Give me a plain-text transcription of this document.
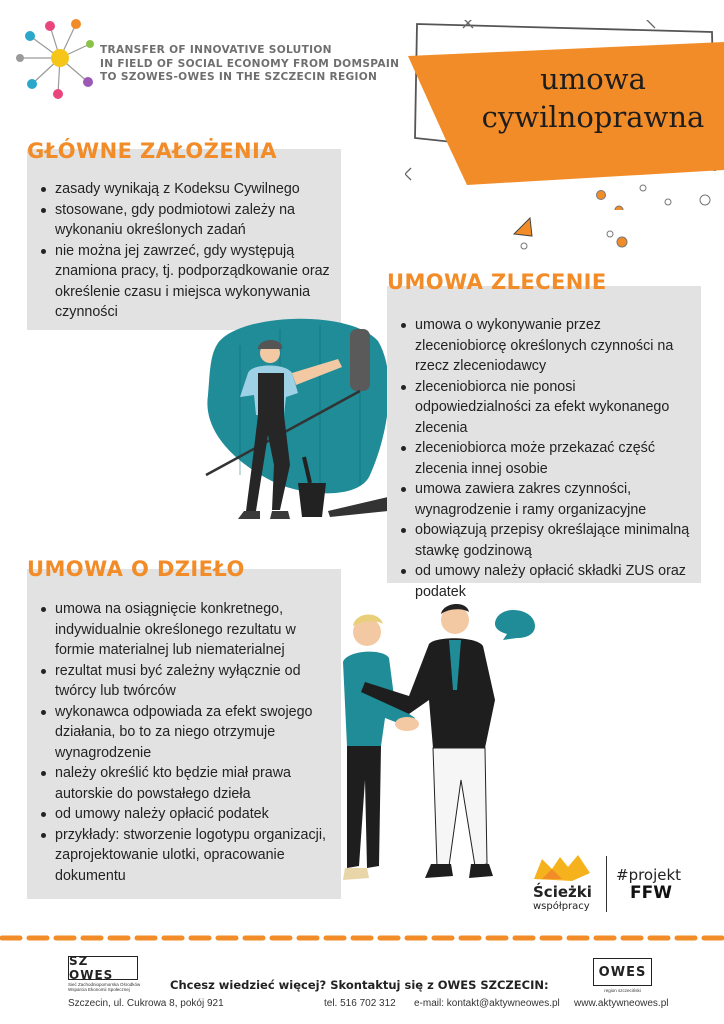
TRANSFER OF INNOVATIVE SOLUTION
IN FIELD OF SOCIAL ECONOMY FROM DOMSPAIN
TO SZOWES-OWES IN THE SZCZECIN REGION	umowa
cywilnoprawna
zasady wynikają z Kodeksu Cywilnego
stosowane, gdy podmiotowi zależy na wykonaniu określonych zadań
nie można jej zawrzeć, gdy występują znamiona pracy, tj. podporządkowanie oraz określenie czasu i miejsca wykonywania czynności
GŁÓWNE ZAŁOŻENIA
umowa o wykonywanie przez zleceniobiorcę określonych czynności na rzecz zleceniodawcy
zleceniobiorca nie ponosi odpowiedzialności za efekt wykonanego zlecenia
zleceniobiorca może przekazać część zlecenia innej osobie
umowa zawiera zakres czynności, wynagrodzenie i ramy organizacyjne
obowiązują przepisy określające minimalną stawkę godzinową
od umowy należy opłacić składki ZUS oraz podatek
UMOWA ZLECENIE
umowa na osiągnięcie konkretnego, indywidualnie określonego rezultatu w formie materialnej lub niematerialnej
rezultat musi być zależny wyłącznie od twórcy lub twórców
wykonawca odpowiada za efekt swojego działania, bo to za niego otrzymuje wynagrodzenie
należy określić kto będzie miał prawa autorskie do powstałego dzieła
od umowy należy opłacić podatek
przykłady: stworzenie logotypu organizacji, zaprojektowanie ulotki, opracowanie dokumentu
UMOWA O DZIEŁO
Ścieżki
współpracy
#projekt
FFW
SZ OWES
Sieć Zachodniopomorska Ośrodków Wsparcia Ekonomii Społecznej
OWES
region szczeciński
Chcesz wiedzieć więcej? Skontaktuj się z OWES SZCZECIN:
Szczecin, ul. Cukrowa 8, pokój 921	tel. 516 702 312 e-mail: kontakt@aktywneowes.pl www.aktywneowes.pl
